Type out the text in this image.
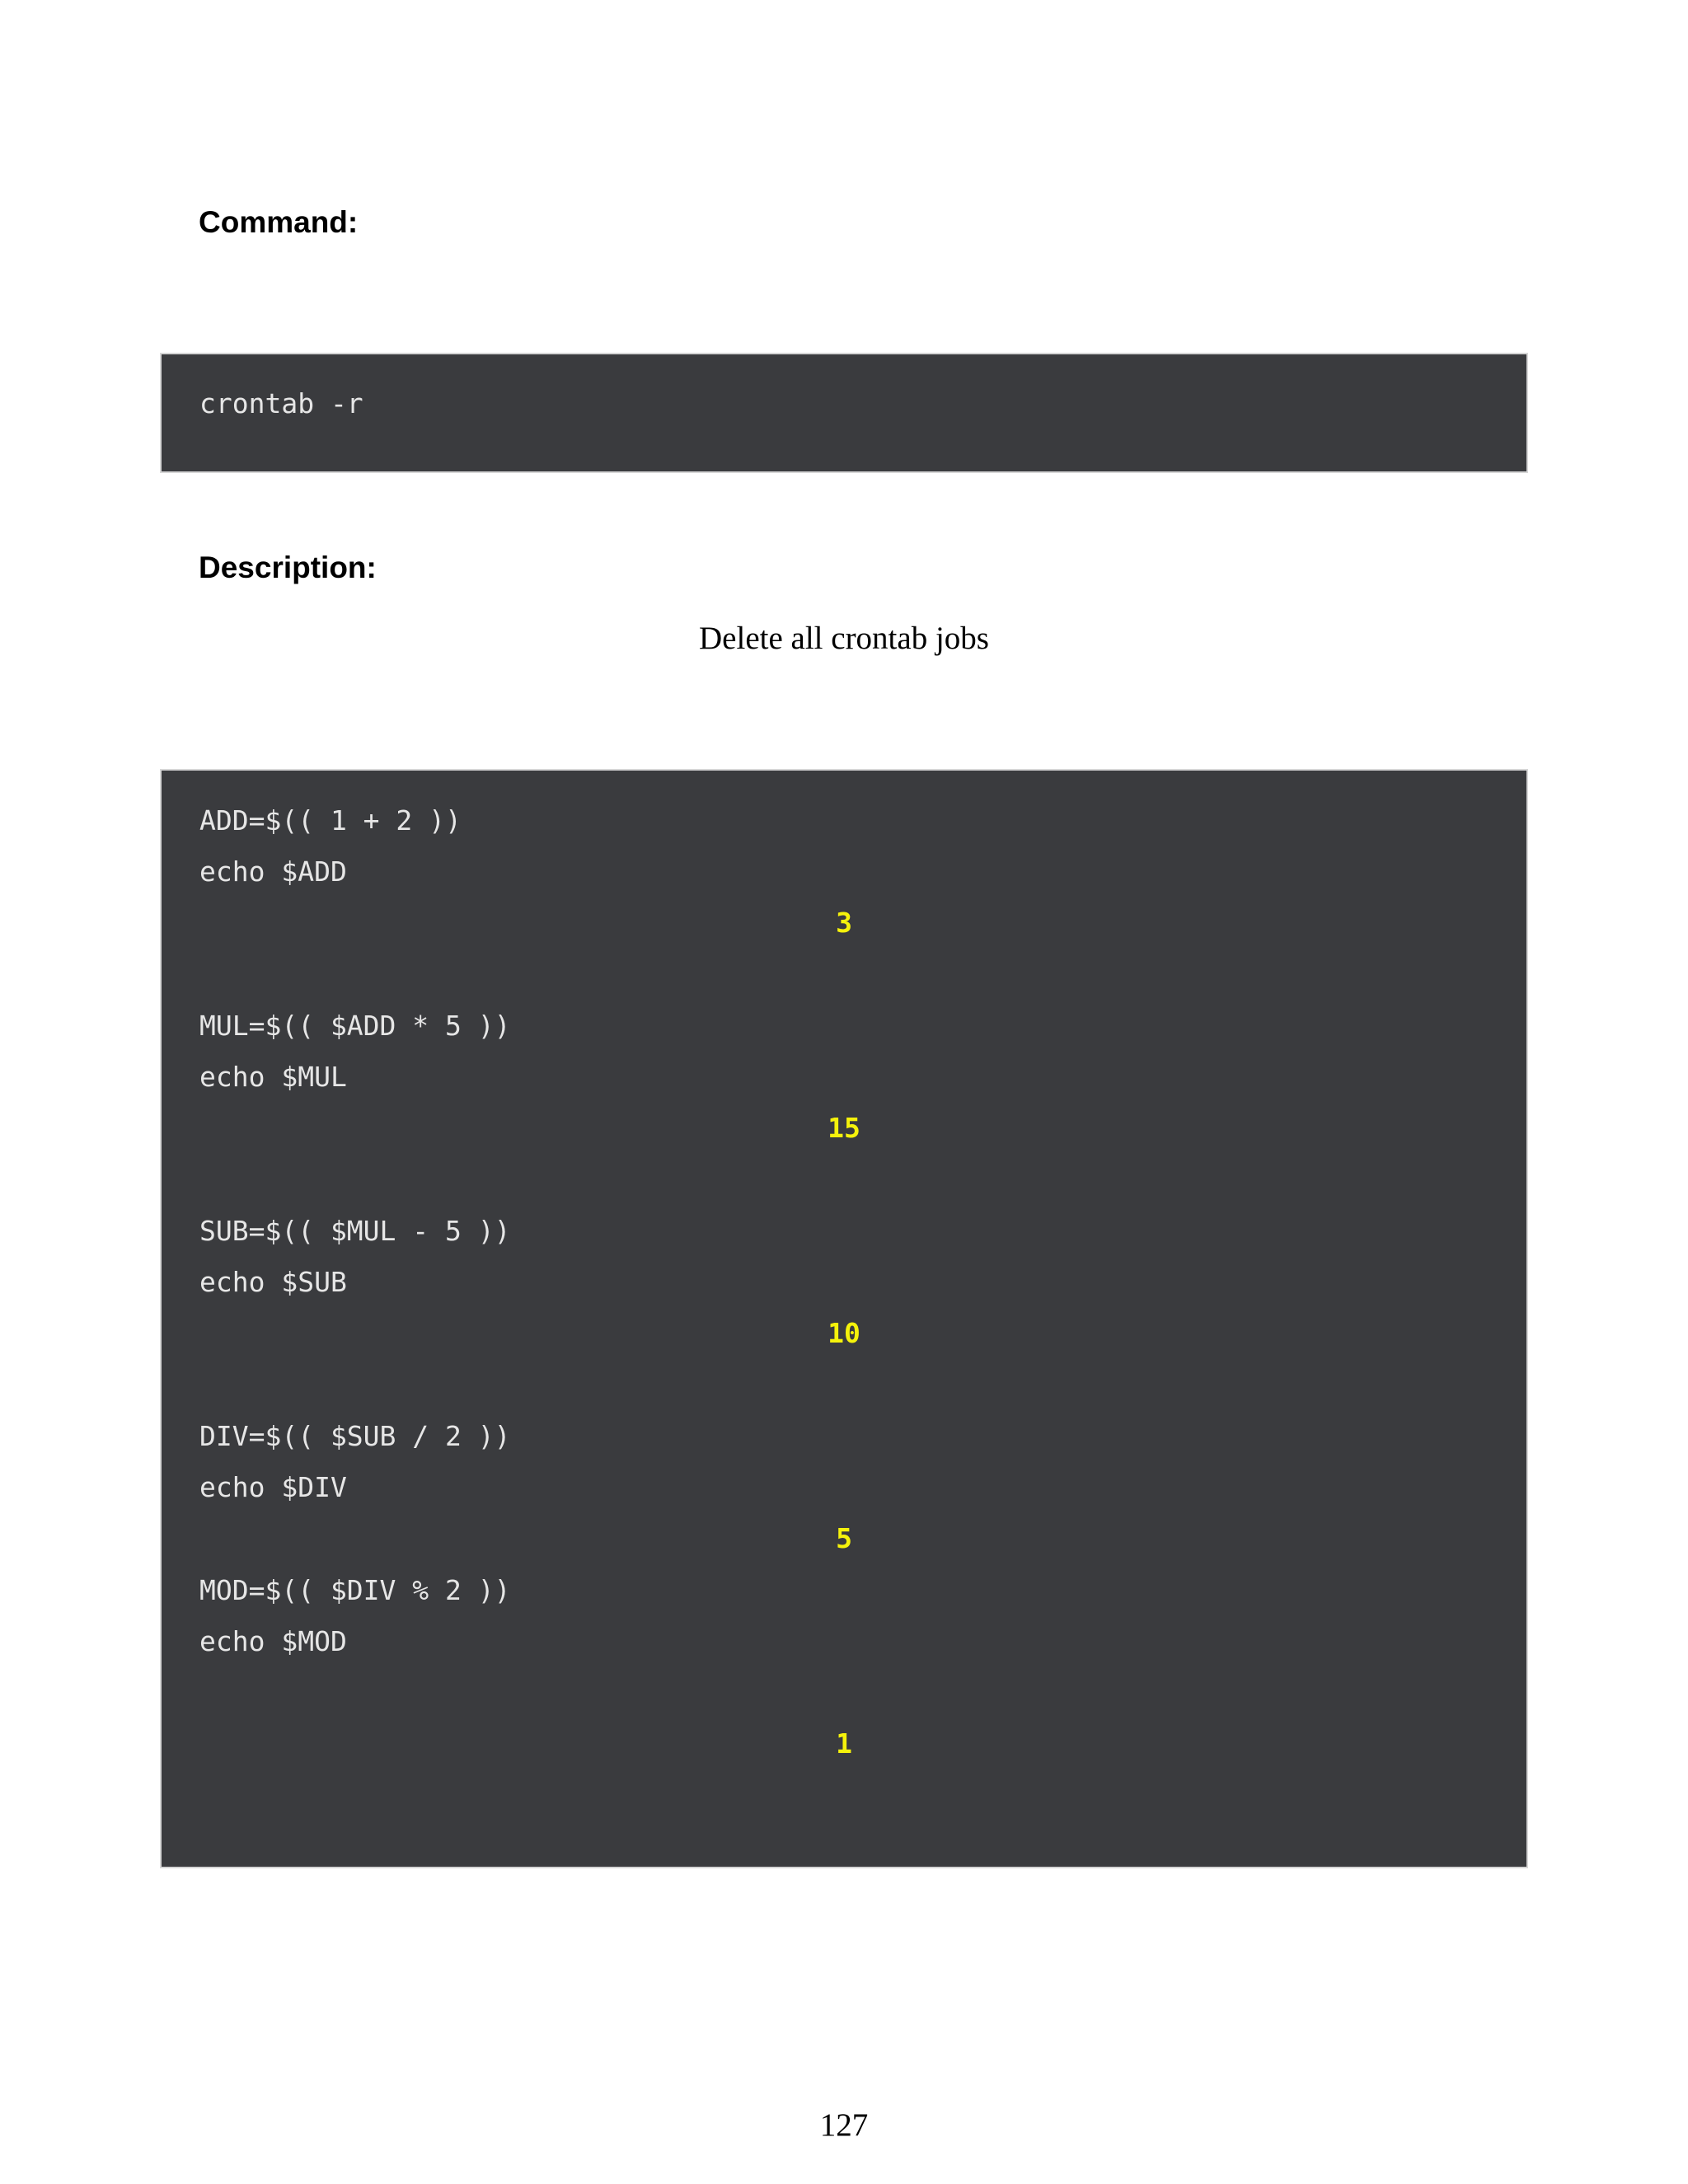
Command:
crontab -r
Description:
Delete all crontab jobs
ADD=$(( 1 + 2 ))
echo $ADD
3
MUL=$(( $ADD * 5 ))
echo $MUL
15
SUB=$(( $MUL - 5 ))
echo $SUB
10
DIV=$(( $SUB / 2 ))
echo $DIV
5
MOD=$(( $DIV % 2 ))
echo $MOD
1
127
